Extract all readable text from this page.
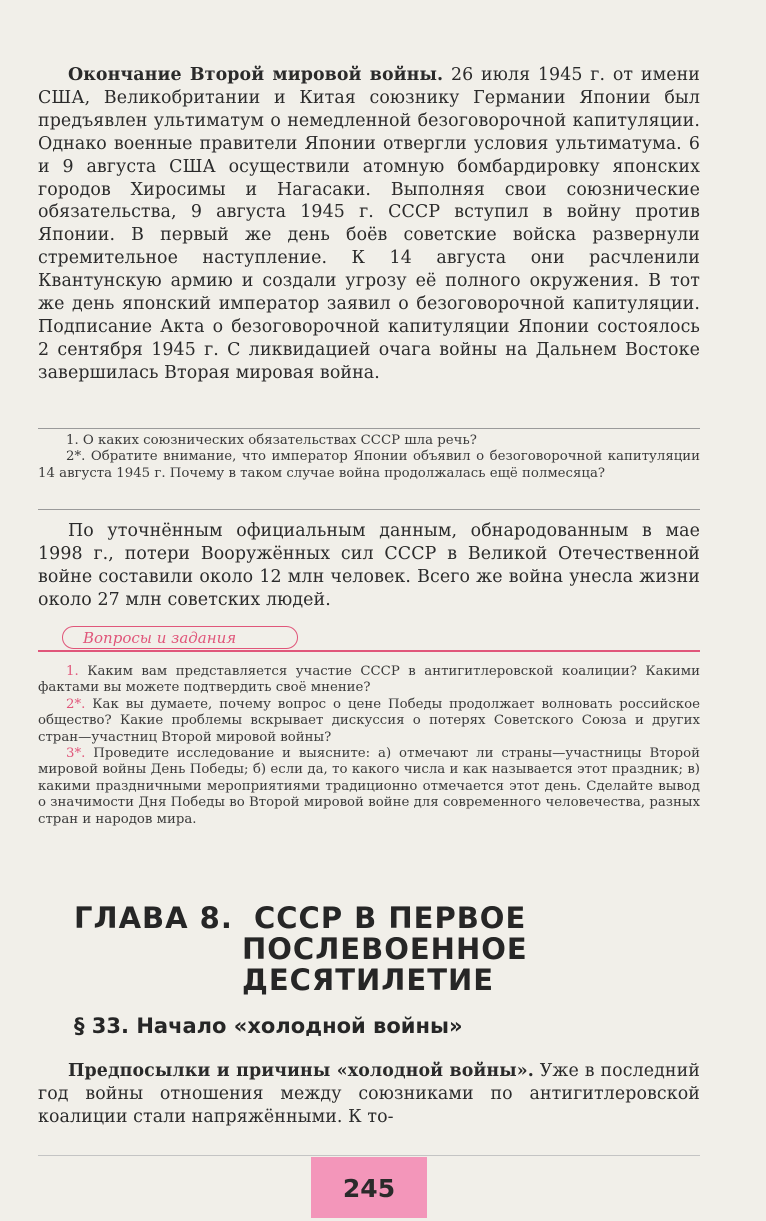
Окончание Второй мировой войны. 26 июля 1945 г. от имени США, Великобритании и Китая союзнику Германии Японии был предъявлен ультиматум о немедленной безоговорочной капитуляции. Однако военные правители Японии отвергли условия ультиматума. 6 и 9 августа США осуществили атомную бомбардировку японских городов Хиросимы и Нагасаки. Выполняя свои союзнические обязательства, 9 августа 1945 г. СССР вступил в войну против Японии. В первый же день боёв советские войска развернули стремительное наступление. К 14 августа они расчленили Квантунскую армию и создали угрозу её полного окружения. В тот же день японский император заявил о безоговорочной капитуляции. Подписание Акта о безоговорочной капитуляции Японии состоялось 2 сентября 1945 г. С ликвидацией очага войны на Дальнем Востоке завершилась Вторая мировая война.

1. О каких союзнических обязательствах СССР шла речь?

2*. Обратите внимание, что император Японии объявил о безоговорочной капитуляции 14 августа 1945 г. Почему в таком случае война продолжалась ещё полмесяца?

По уточнённым официальным данным, обнародованным в мае 1998 г., потери Вооружённых сил СССР в Великой Отечественной войне составили около 12 млн человек. Всего же война унесла жизни около 27 млн советских людей.

Вопросы и задания

1. Каким вам представляется участие СССР в антигитлеровской коалиции? Какими фактами вы можете подтвердить своё мнение?

2*. Как вы думаете, почему вопрос о цене Победы продолжает волновать российское общество? Какие проблемы вскрывает дискуссия о потерях Советского Союза и других стран—участниц Второй мировой войны?

3*. Проведите исследование и выясните: а) отмечают ли страны—участницы Второй мировой войны День Победы; б) если да, то какого числа и как называется этот праздник; в) какими праздничными мероприятиями традиционно отмечается этот день. Сделайте вывод о значимости Дня Победы во Второй мировой войне для современного человечества, разных стран и народов мира.

ГЛАВА 8. СССР В ПЕРВОЕ
ПОСЛЕВОЕННОЕ
ДЕСЯТИЛЕТИЕ
§ 33. Начало «холодной войны»

Предпосылки и причины «холодной войны». Уже в последний год войны отношения между союзниками по антигитлеровской коалиции стали напряжёнными. К то-

245
